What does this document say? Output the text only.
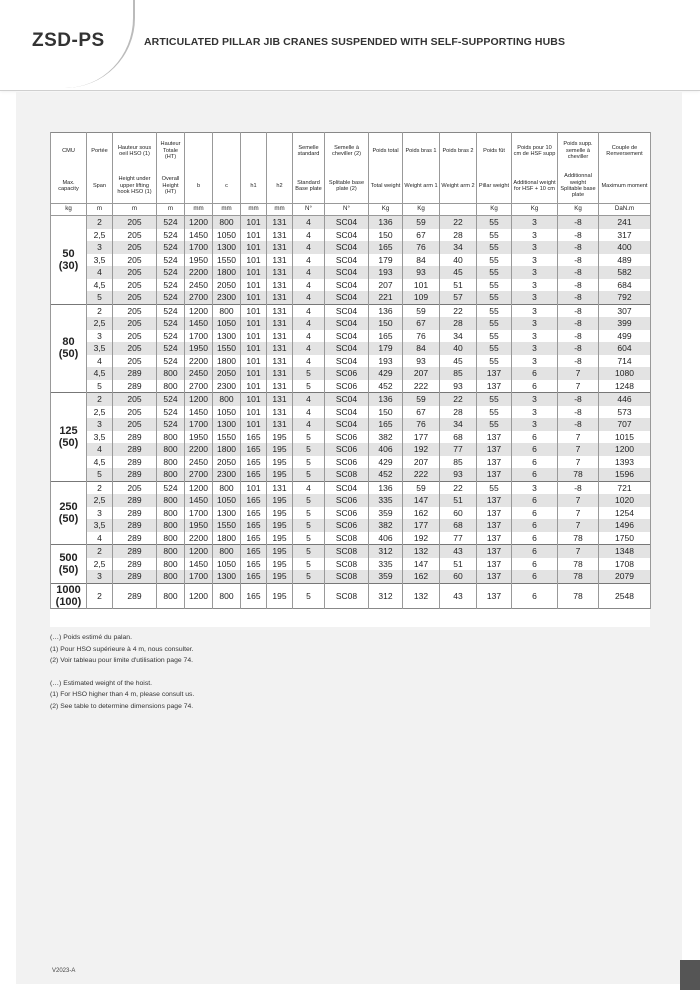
ZSD-PS	ARTICULATED PILLAR JIB CRANES SUSPENDED WITH SELF-SUPPORTING HUBS
CMU	Portée	Hauteur sous oeil HSO (1)	Hauteur Totale (HT)					Semelle standard	Semelle à cheviller (2)	Poids total	Poids bras 1	Poids bras 2	Poids fût	Poids pour 10 cm de HSF supp	Poids supp. semelle à cheviller	Couple de Renversement
Max. capacity	Span	Height under upper lifting hook HSO (1)	Overall Height (HT)	b	c	h1	h2	Standard Base plate	Splitable base plate (2)	Total weight	Weight arm 1	Weight arm 2	Pillar weight	Additional weight for HSF + 10 cm	Additionnal weight Splitable base plate	Maximum moment
kg	m	m	m	mm	mm	mm	mm	N°	N°	Kg	Kg		Kg	Kg	Kg	DaN.m

50
(30)	2	205	524	1200	800	101	131	4	SC04	136	59	22	55	3	-8	241
	2,5	205	524	1450	1050	101	131	4	SC04	150	67	28	55	3	-8	317
	3	205	524	1700	1300	101	131	4	SC04	165	76	34	55	3	-8	400
	3,5	205	524	1950	1550	101	131	4	SC04	179	84	40	55	3	-8	489
	4	205	524	2200	1800	101	131	4	SC04	193	93	45	55	3	-8	582
	4,5	205	524	2450	2050	101	131	4	SC04	207	101	51	55	3	-8	684
	5	205	524	2700	2300	101	131	4	SC04	221	109	57	55	3	-8	792

80
(50)	2	205	524	1200	800	101	131	4	SC04	136	59	22	55	3	-8	307
	2,5	205	524	1450	1050	101	131	4	SC04	150	67	28	55	3	-8	399
	3	205	524	1700	1300	101	131	4	SC04	165	76	34	55	3	-8	499
	3,5	205	524	1950	1550	101	131	4	SC04	179	84	40	55	3	-8	604
	4	205	524	2200	1800	101	131	4	SC04	193	93	45	55	3	-8	714
	4,5	289	800	2450	2050	101	131	5	SC06	429	207	85	137	6	7	1080
	5	289	800	2700	2300	101	131	5	SC06	452	222	93	137	6	7	1248

125
(50)	2	205	524	1200	800	101	131	4	SC04	136	59	22	55	3	-8	446
	2,5	205	524	1450	1050	101	131	4	SC04	150	67	28	55	3	-8	573
	3	205	524	1700	1300	101	131	4	SC04	165	76	34	55	3	-8	707
	3,5	289	800	1950	1550	165	195	5	SC06	382	177	68	137	6	7	1015
	4	289	800	2200	1800	165	195	5	SC06	406	192	77	137	6	7	1200
	4,5	289	800	2450	2050	165	195	5	SC06	429	207	85	137	6	7	1393
	5	289	800	2700	2300	165	195	5	SC08	452	222	93	137	6	78	1596

250
(50)	2	205	524	1200	800	101	131	4	SC04	136	59	22	55	3	-8	721
	2,5	289	800	1450	1050	165	195	5	SC06	335	147	51	137	6	7	1020
	3	289	800	1700	1300	165	195	5	SC06	359	162	60	137	6	7	1254
	3,5	289	800	1950	1550	165	195	5	SC06	382	177	68	137	6	7	1496
	4	289	800	2200	1800	165	195	5	SC08	406	192	77	137	6	78	1750

500
(50)	2	289	800	1200	800	165	195	5	SC08	312	132	43	137	6	7	1348
	2,5	289	800	1450	1050	165	195	5	SC08	335	147	51	137	6	78	1708
	3	289	800	1700	1300	165	195	5	SC08	359	162	60	137	6	78	2079

1000
(100)	2	289	800	1200	800	165	195	5	SC08	312	132	43	137	6	78	2548

(…) Poids estimé du palan.

(1) Pour HSO supérieure à 4 m, nous consulter.

(2) Voir tableau pour limite d'utilisation page 74.

(…) Estimated weight of the hoist.

(1) For HSO higher than 4 m, please consult us.

(2) See table to determine dimensions page 74.

V2023-A
